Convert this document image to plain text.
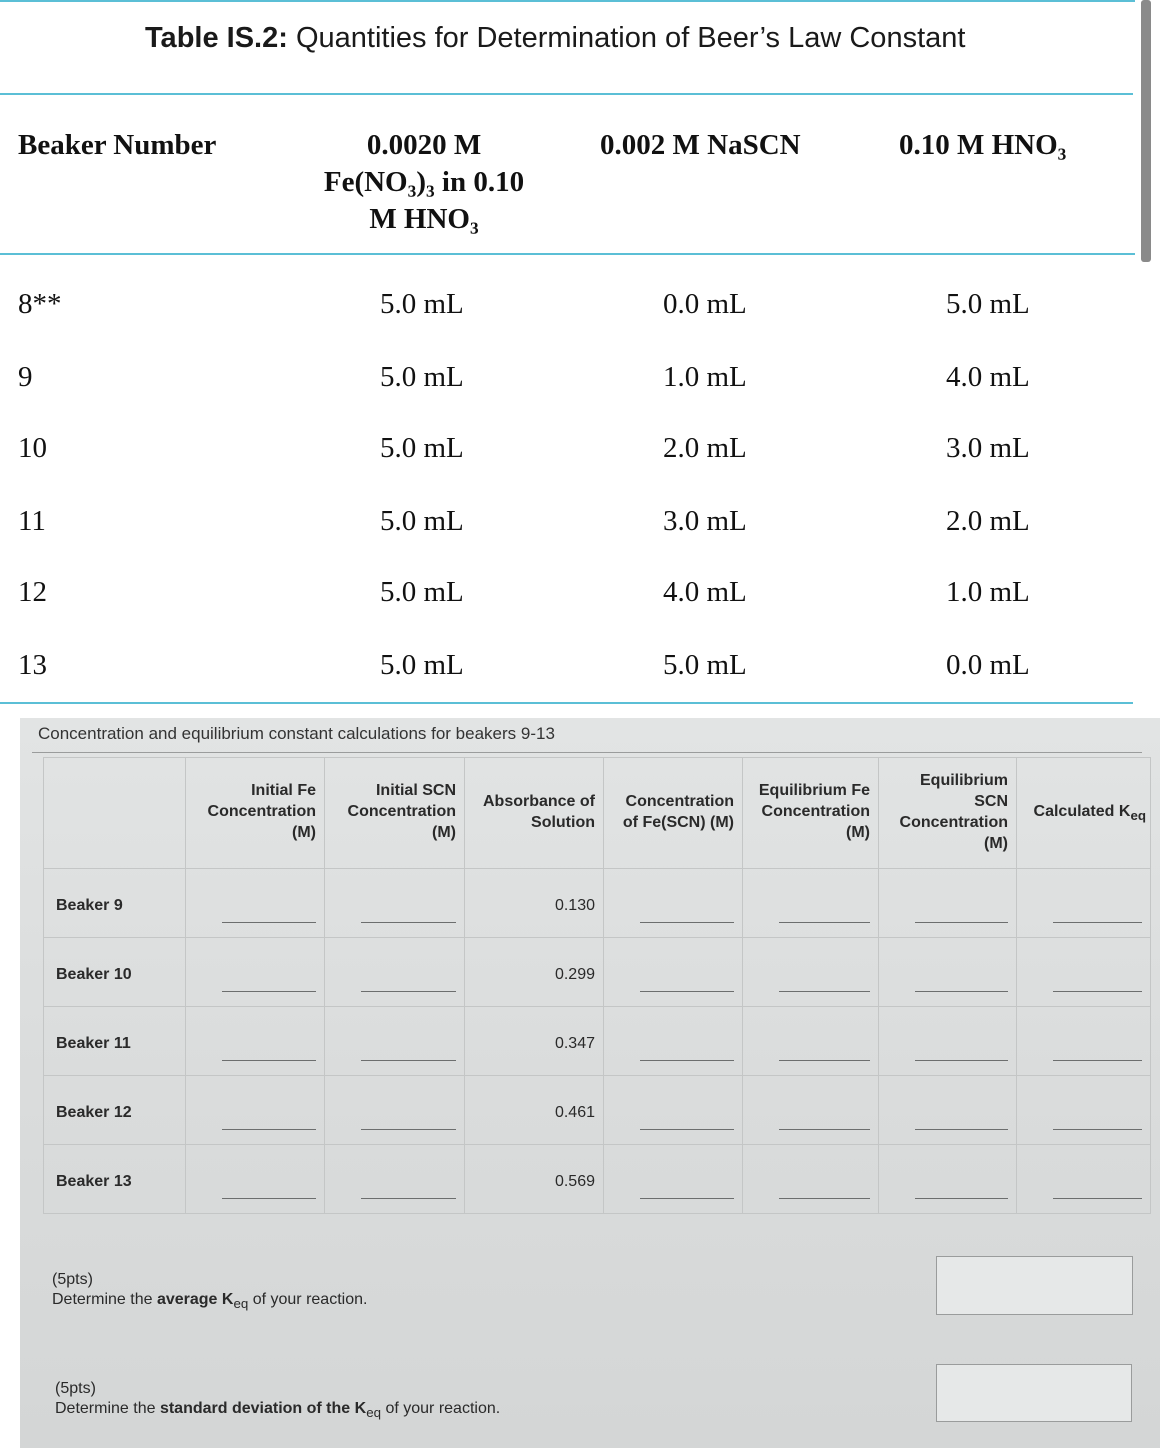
Table IS.2: Quantities for Determination of Beer’s Law Constant
Beaker Number	0.0020 M
Fe(NO₃)₃ in 0.10
M HNO₃
0.002 M NaSCN	0.10 M HNO₃
8**	5.0 mL	0.0 mL	5.0 mL
9	5.0 mL	1.0 mL	4.0 mL
10	5.0 mL	2.0 mL	3.0 mL
11	5.0 mL	3.0 mL	2.0 mL
12	5.0 mL	4.0 mL	1.0 mL
13	5.0 mL	5.0 mL	0.0 mL
Concentration and equilibrium constant calculations for beakers 9-13

	Initial Fe
Concentration
(M)	Initial SCN
Concentration
(M)	Absorbance of
Solution	Concentration
of Fe(SCN) (M)	Equilibrium Fe
Concentration
(M)	Equilibrium
SCN
Concentration
(M)	Calculated $K_{eq}$

Beaker 9			0.130				

Beaker 10			0.299				

Beaker 11			0.347				

Beaker 12			0.461				

Beaker 13			0.569				

(5pts)
Determine the average $K_{eq}$ of your reaction.
(5pts)
Determine the standard deviation of the $K_{eq}$ of your reaction.
